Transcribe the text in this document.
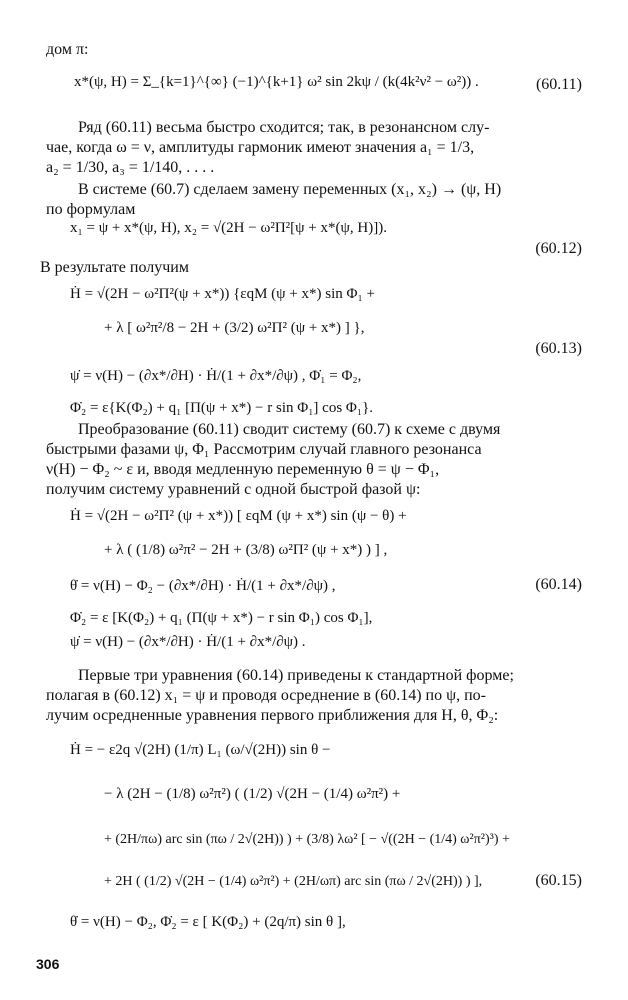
дом π:
x*(ψ, H) = Σ_{k=1}^{∞} (−1)^{k+1} ω² sin 2kψ / (k(4k²ν² − ω²)) .	(60.11)
Ряд (60.11) весьма быстро сходится; так, в резонансном слу-
чае, когда ω = ν, амплитуды гармоник имеют значения a₁ = 1/3,
a₂ = 1/30, a₃ = 1/140, . . . .
В системе (60.7) сделаем замену переменных (x₁, x₂) → (ψ, H)
по формулам
x₁ = ψ + x*(ψ, H), x₂ = √(2H − ω²Π²[ψ + x*(ψ, H)]).
(60.12)
В результате получим
Ḣ = √(2H − ω²Π²(ψ + x*)) {εqM (ψ + x*) sin Φ₁ +
+ λ [ ω²π²/8 − 2H + (3/2) ω²Π² (ψ + x*) ] },
(60.13)
ψ̇ = ν(H) − (∂x*/∂H) · Ḣ/(1 + ∂x*/∂ψ) , Φ̇₁ = Φ₂,
Φ̇₂ = ε{K(Φ₂) + q₁ [Π(ψ + x*) − r sin Φ₁] cos Φ₁}.
Преобразование (60.11) сводит систему (60.7) к схеме с двумя
быстрыми фазами ψ, Φ₁ Рассмотрим случай главного резонанса
ν(H) − Φ₂ ~ ε и, вводя медленную переменную θ = ψ − Φ₁,
получим систему уравнений с одной быстрой фазой ψ:
Ḣ = √(2H − ω²Π² (ψ + x*)) [ εqM (ψ + x*) sin (ψ − θ) +
+ λ ( (1/8) ω²π² − 2H + (3/8) ω²Π² (ψ + x*) ) ] ,
θ̇ = ν(H) − Φ₂ − (∂x*/∂H) · Ḣ/(1 + ∂x*/∂ψ) ,	(60.14)
Φ̇₂ = ε [K(Φ₂) + q₁ (Π(ψ + x*) − r sin Φ₁) cos Φ₁],
ψ̇ = ν(H) − (∂x*/∂H) · Ḣ/(1 + ∂x*/∂ψ) .
Первые три уравнения (60.14) приведены к стандартной форме;
полагая в (60.12) x₁ = ψ и проводя осреднение в (60.14) по ψ, по-
лучим осредненные уравнения первого приближения для H, θ, Φ₂:
Ḣ = − ε2q √(2H) (1/π) L₁ (ω/√(2H)) sin θ −
− λ (2H − (1/8) ω²π²) ( (1/2) √(2H − (1/4) ω²π²) +
+ (2H/πω) arc sin (πω / 2√(2H)) ) + (3/8) λω² [ − √((2H − (1/4) ω²π²)³) +
+ 2H ( (1/2) √(2H − (1/4) ω²π²) + (2H/ωπ) arc sin (πω / 2√(2H)) ) ],	(60.15)
θ̇ = ν(H) − Φ₂, Φ̇₂ = ε [ K(Φ₂) + (2q/π) sin θ ],
306
